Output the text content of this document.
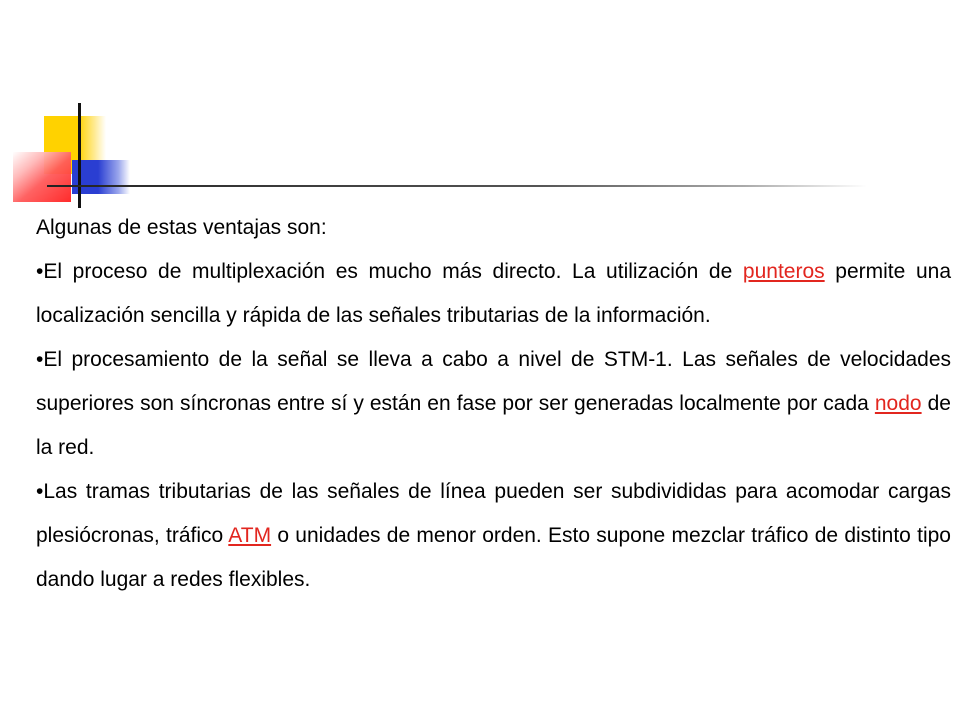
Algunas de estas ventajas son:

•El proceso de multiplexación es mucho más directo. La utilización de punteros permite una localización sencilla y rápida de las señales tributarias de la información.

•El procesamiento de la señal se lleva a cabo a nivel de STM-1. Las señales de velocidades superiores son síncronas entre sí y están en fase por ser generadas localmente por cada nodo de la red.

•Las tramas tributarias de las señales de línea pueden ser subdivididas para acomodar cargas plesiócronas, tráfico ATM o unidades de menor orden. Esto supone mezclar tráfico de distinto tipo dando lugar a redes flexibles.
